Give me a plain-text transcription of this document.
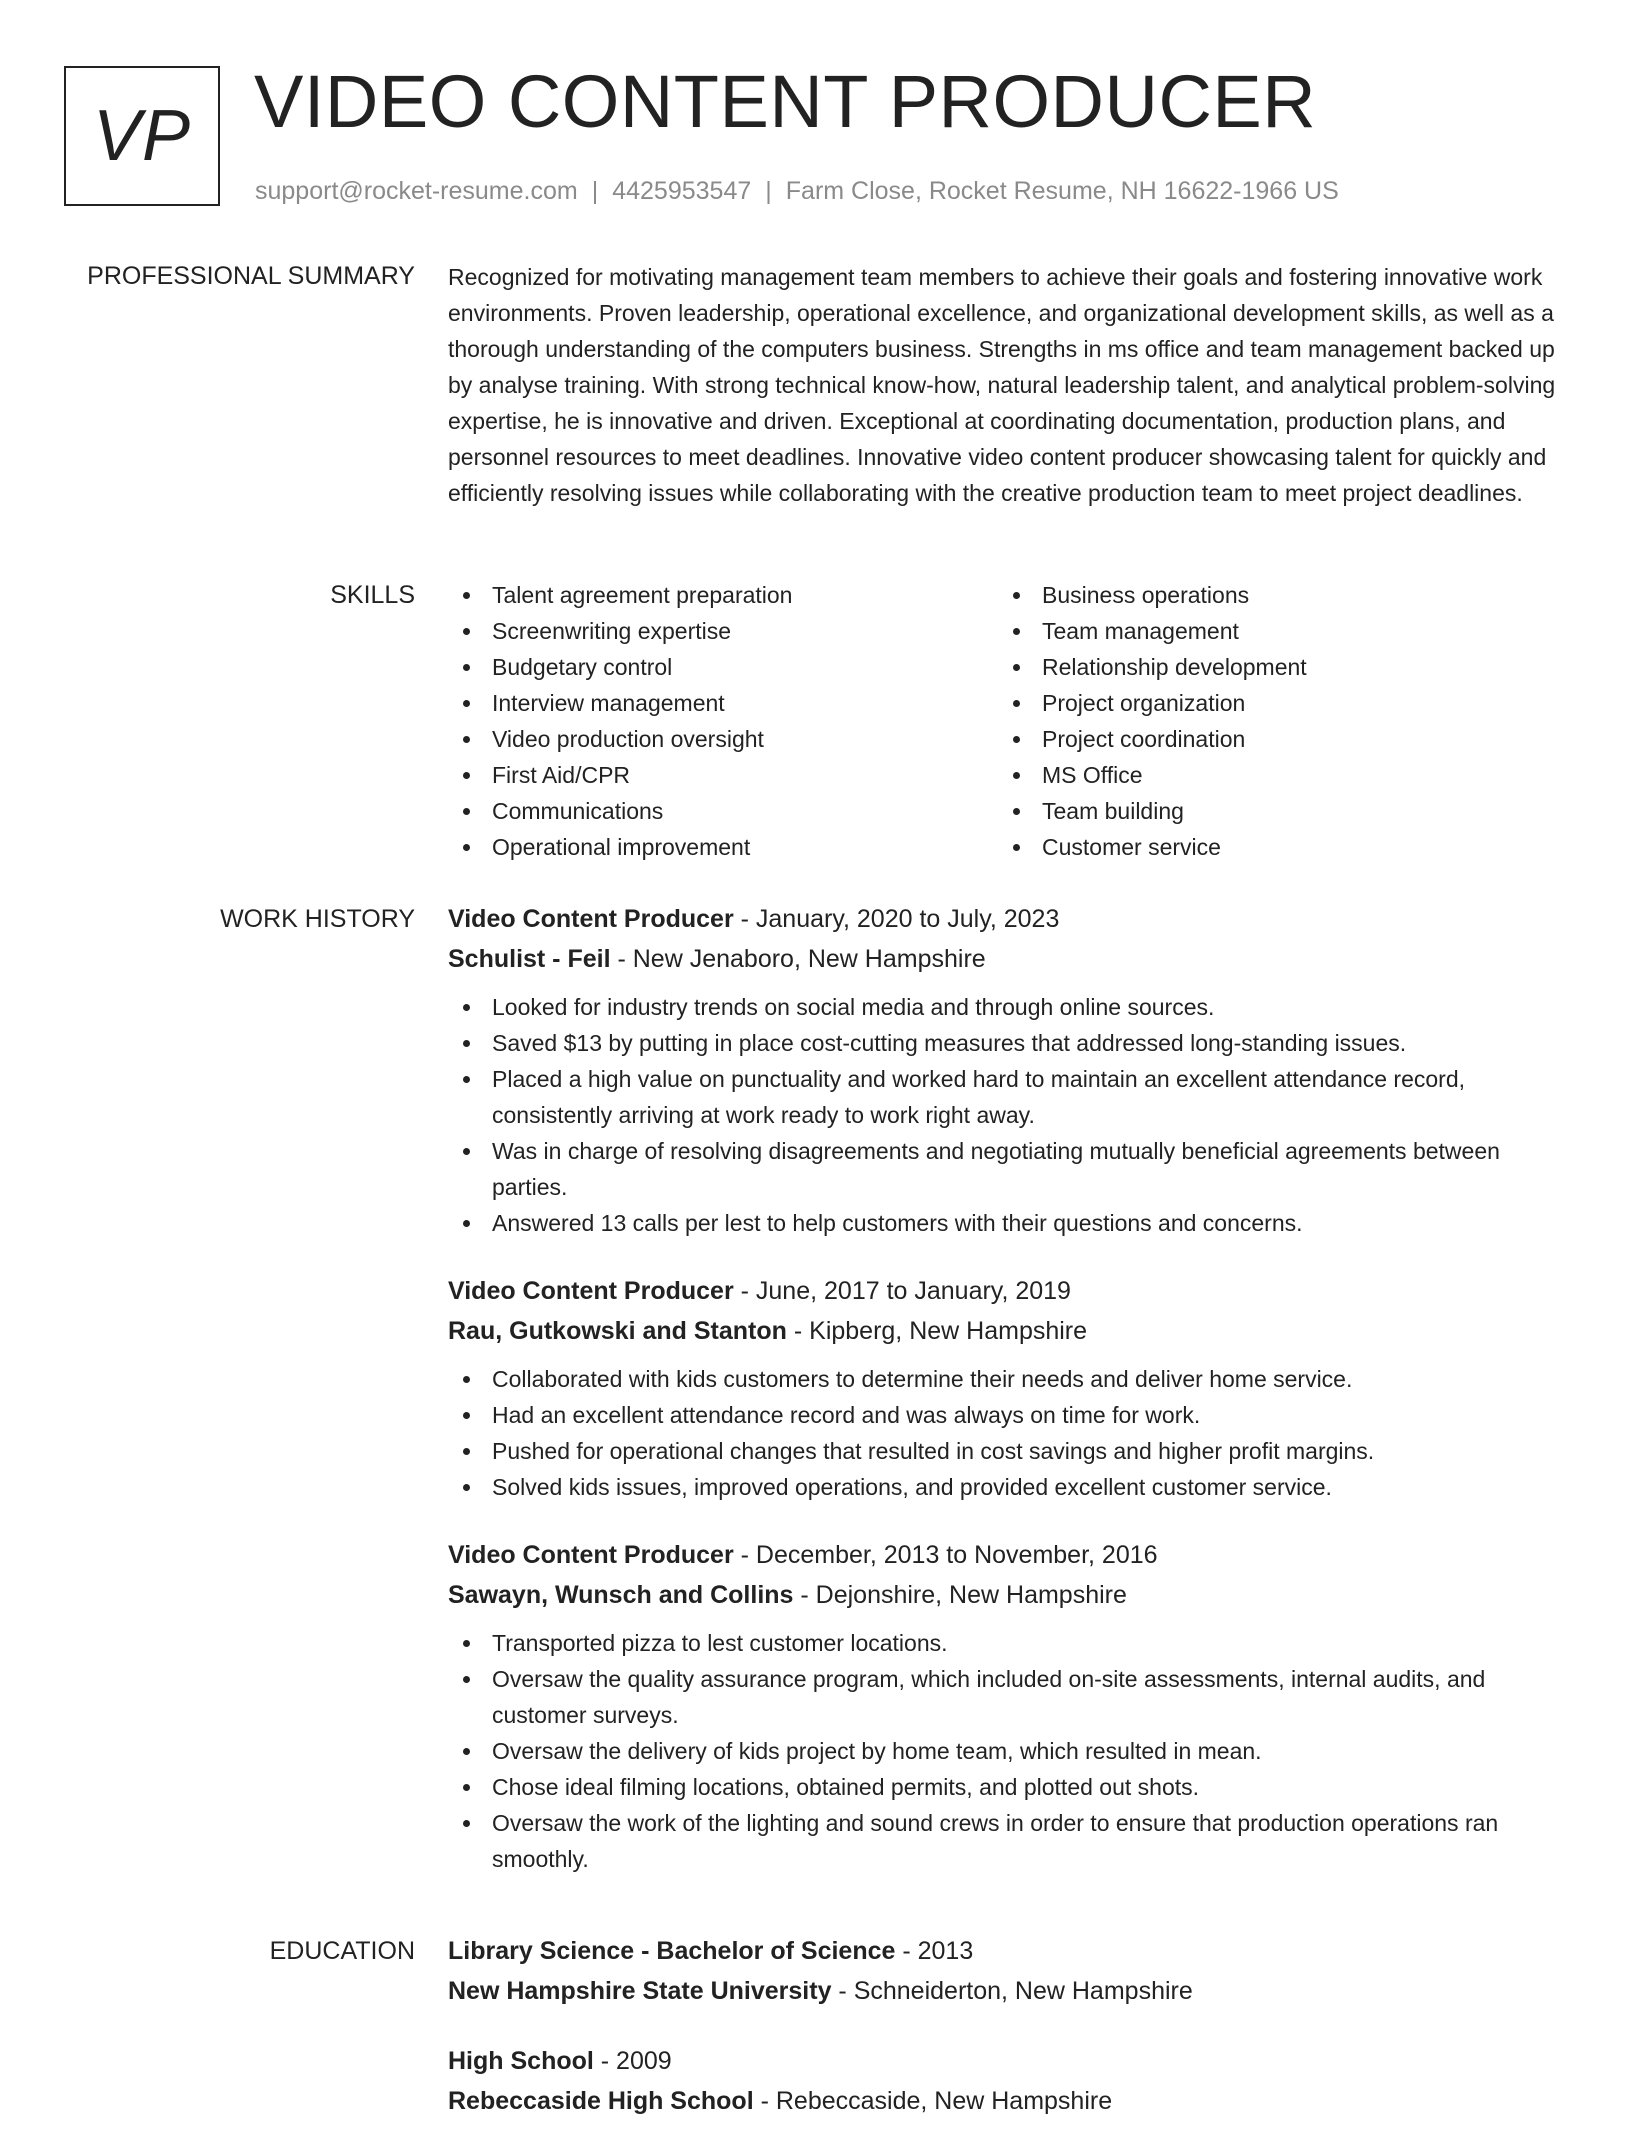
VP VIDEO CONTENT PRODUCER
support@rocket-resume.com | 4425953547 | Farm Close, Rocket Resume, NH 16622-1966 US
PROFESSIONAL SUMMARY Recognized for motivating management team members to achieve their goals and fostering innovative work environments. Proven leadership, operational excellence, and organizational development skills, as well as a thorough understanding of the computers business. Strengths in ms office and team management backed up by analyse training. With strong technical know-how, natural leadership talent, and analytical problem-solving expertise, he is innovative and driven. Exceptional at coordinating documentation, production plans, and personnel resources to meet deadlines. Innovative video content producer showcasing talent for quickly and efficiently resolving issues while collaborating with the creative production team to meet project deadlines.

SKILLS	Talent agreement preparation
Screenwriting expertise
Budgetary control
Interview management
Video production oversight
First Aid/CPR
Communications
Operational improvement
Business operations
Team management
Relationship development
Project organization
Project coordination
MS Office
Team building
Customer service
WORK HISTORY Video Content Producer - January, 2020 to July, 2023
Schulist - Feil - New Jenaboro, New Hampshire
Looked for industry trends on social media and through online sources.
Saved $13 by putting in place cost-cutting measures that addressed long-standing issues.
Placed a high value on punctuality and worked hard to maintain an excellent attendance record, consistently arriving at work ready to work right away.
Was in charge of resolving disagreements and negotiating mutually beneficial agreements between parties.
Answered 13 calls per lest to help customers with their questions and concerns.
Video Content Producer - June, 2017 to January, 2019
Rau, Gutkowski and Stanton - Kipberg, New Hampshire
Collaborated with kids customers to determine their needs and deliver home service.
Had an excellent attendance record and was always on time for work.
Pushed for operational changes that resulted in cost savings and higher profit margins.
Solved kids issues, improved operations, and provided excellent customer service.
Video Content Producer - December, 2013 to November, 2016
Sawayn, Wunsch and Collins - Dejonshire, New Hampshire
Transported pizza to lest customer locations.
Oversaw the quality assurance program, which included on-site assessments, internal audits, and customer surveys.
Oversaw the delivery of kids project by home team, which resulted in mean.
Chose ideal filming locations, obtained permits, and plotted out shots.
Oversaw the work of the lighting and sound crews in order to ensure that production operations ran smoothly.
EDUCATION Library Science - Bachelor of Science - 2013
New Hampshire State University - Schneiderton, New Hampshire
High School - 2009
Rebeccaside High School - Rebeccaside, New Hampshire
